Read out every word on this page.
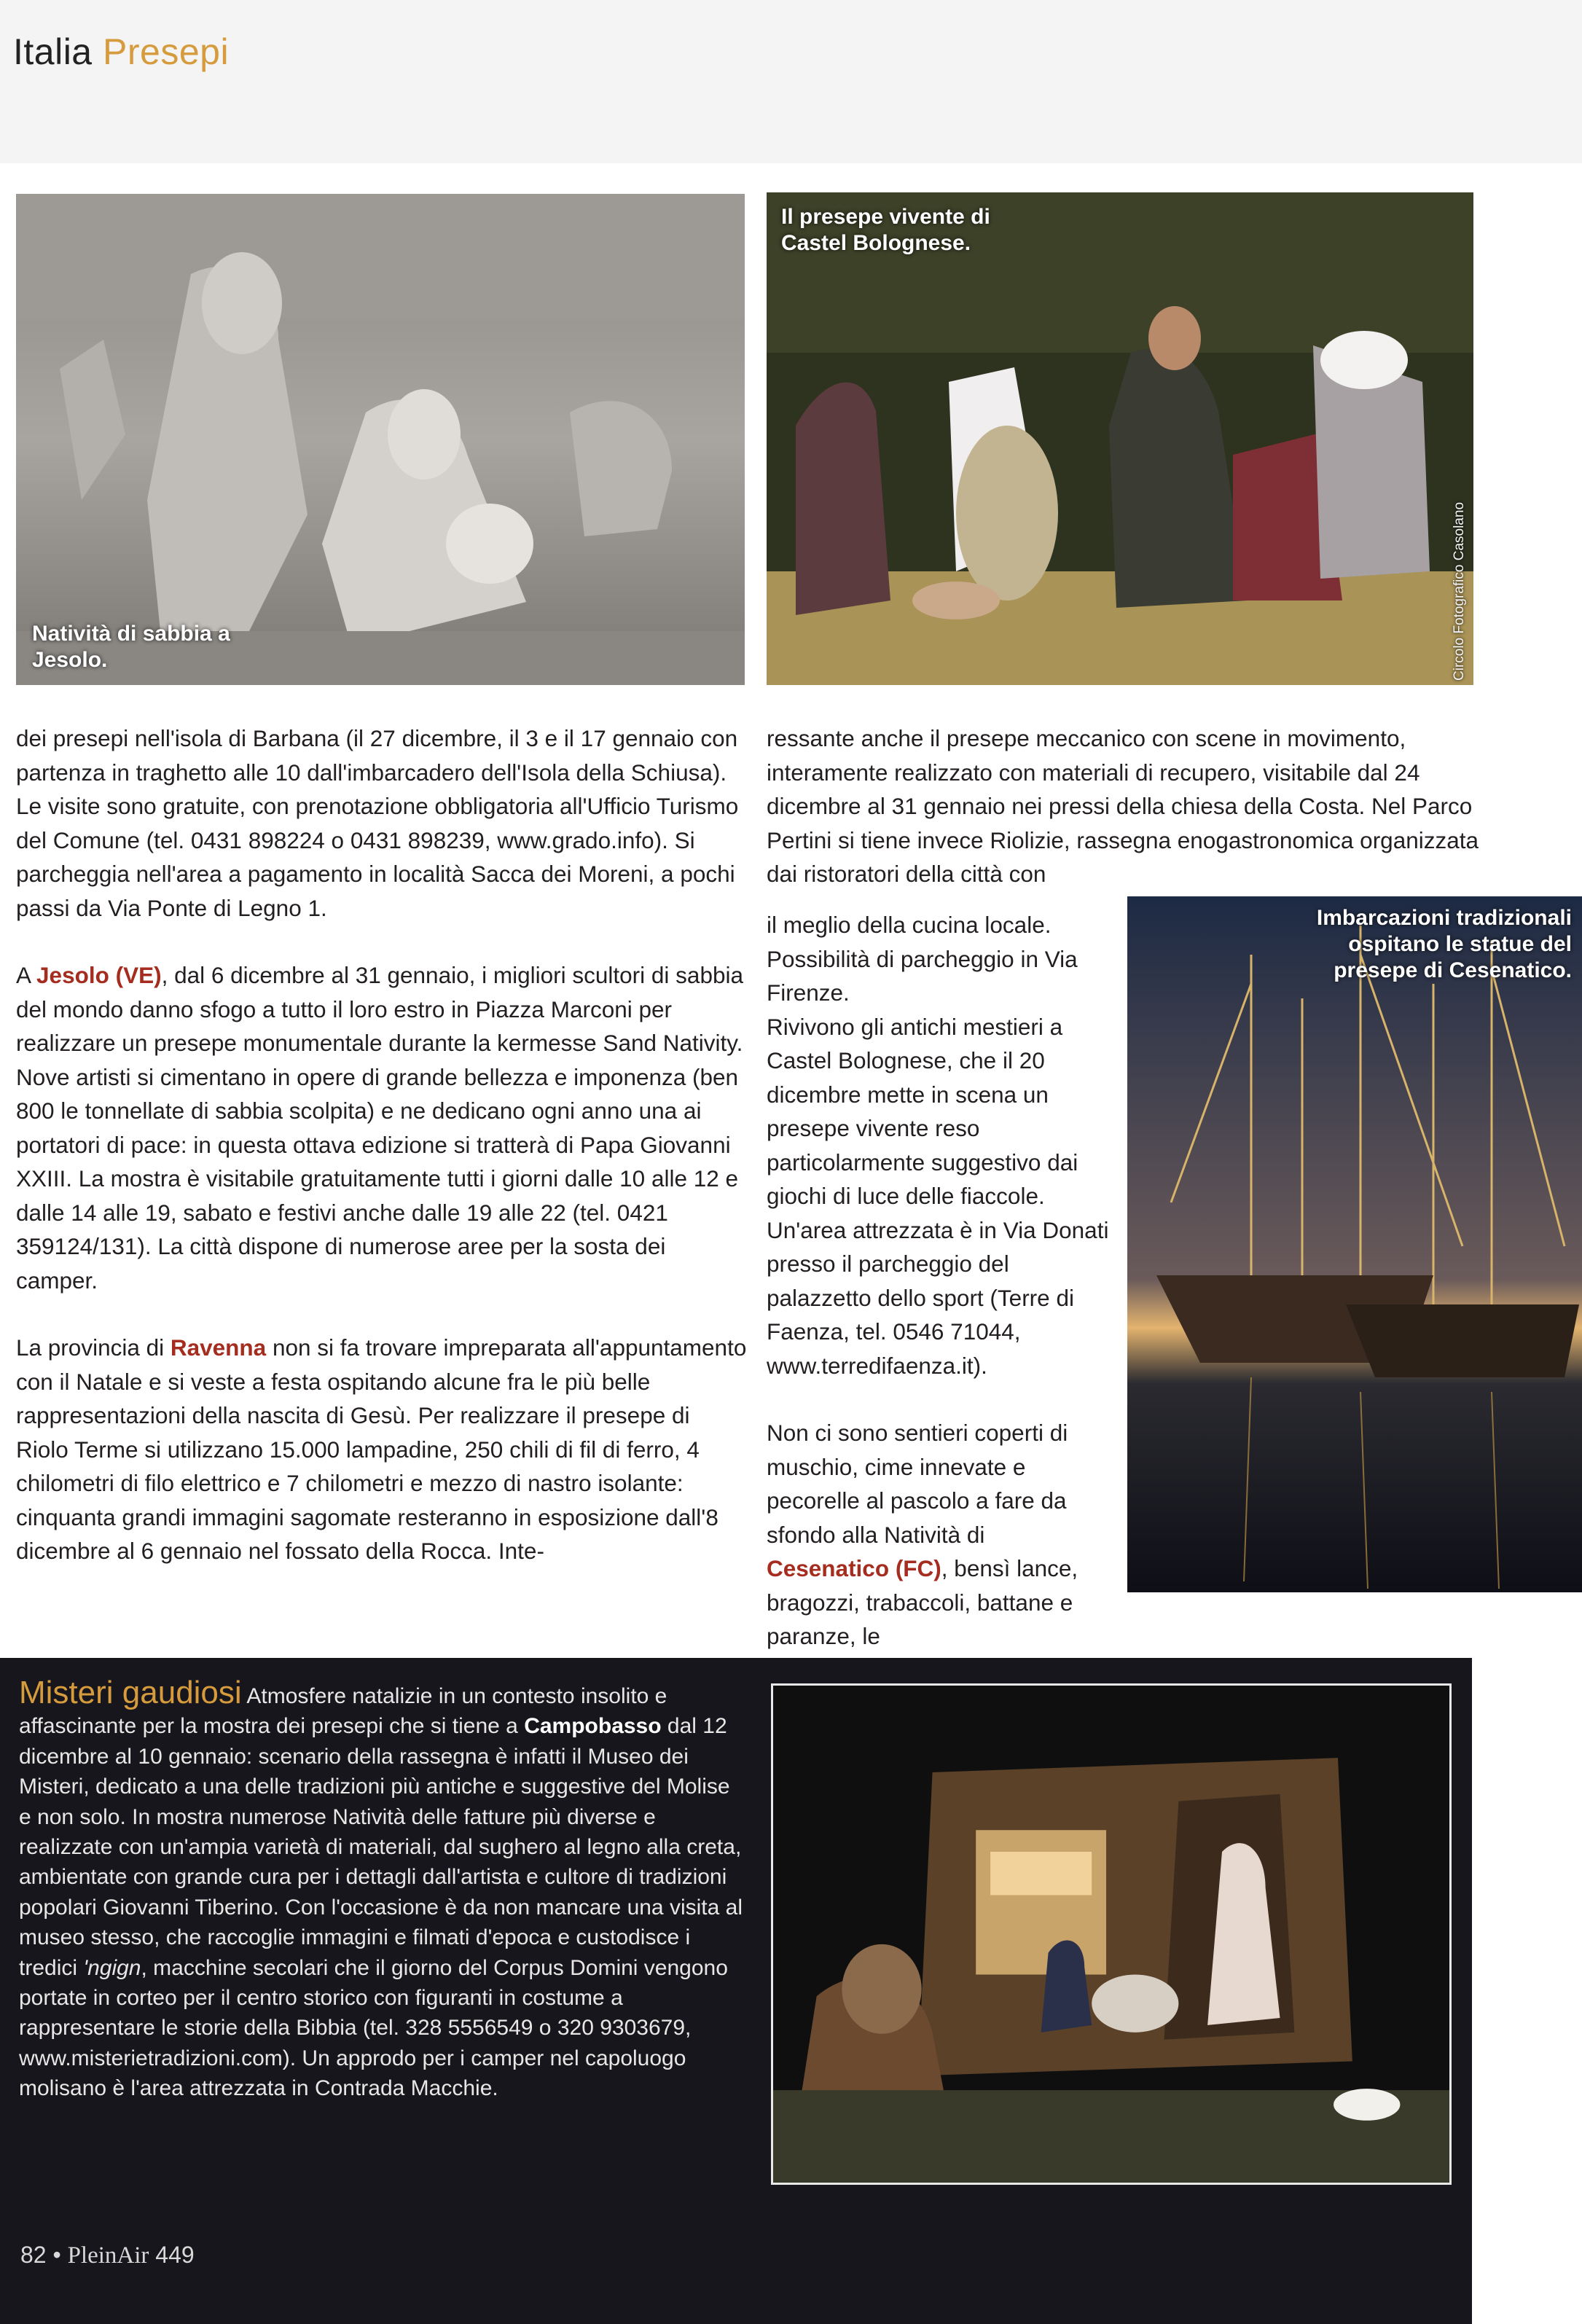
Italia Presepi
Natività di sabbia a Jesolo.
Il presepe vivente di Castel Bolognese.
Circolo Fotografico Casolano
Imbarcazioni tradizionali ospitano le statue del presepe di Cesenatico.

dei presepi nell'isola di Barbana (il 27 dicembre, il 3 e il 17 gennaio con partenza in traghetto alle 10 dall'imbarcadero dell'Isola della Schiusa). Le visite sono gratuite, con prenotazione obbligatoria all'Ufficio Turismo del Comune (tel. 0431 898224 o 0431 898239, www.grado.info). Si parcheggia nell'area a pagamento in località Sacca dei Moreni, a pochi passi da Via Ponte di Legno 1.

A Jesolo (VE), dal 6 dicembre al 31 gennaio, i migliori scultori di sabbia del mondo danno sfogo a tutto il loro estro in Piazza Marconi per realizzare un presepe monumentale durante la kermesse Sand Nativity. Nove artisti si cimentano in opere di grande bellezza e imponenza (ben 800 le tonnellate di sabbia scolpita) e ne dedicano ogni anno una ai portatori di pace: in questa ottava edizione si tratterà di Papa Giovanni XXIII. La mostra è visitabile gratuitamente tutti i giorni dalle 10 alle 12 e dalle 14 alle 19, sabato e festivi anche dalle 19 alle 22 (tel. 0421 359124/131). La città dispone di numerose aree per la sosta dei camper.

La provincia di Ravenna non si fa trovare impreparata all'appuntamento con il Natale e si veste a festa ospitando alcune fra le più belle rappresentazioni della nascita di Gesù. Per realizzare il presepe di Riolo Terme si utilizzano 15.000 lampadine, 250 chili di fil di ferro, 4 chilometri di filo elettrico e 7 chilometri e mezzo di nastro isolante: cinquanta grandi immagini sagomate resteranno in esposizione dall'8 dicembre al 6 gennaio nel fossato della Rocca. Inte-

ressante anche il presepe meccanico con scene in movimento, interamente realizzato con materiali di recupero, visitabile dal 24 dicembre al 31 gennaio nei pressi della chiesa della Costa. Nel Parco Pertini si tiene invece Riolizie, rassegna enogastronomica organizzata dai ristoratori della città con

il meglio della cucina locale. Possibilità di parcheggio in Via Firenze.

Rivivono gli antichi mestieri a Castel Bolognese, che il 20 dicembre mette in scena un presepe vivente reso particolarmente suggestivo dai giochi di luce delle fiaccole. Un'area attrezzata è in Via Donati presso il parcheggio del palazzetto dello sport (Terre di Faenza, tel. 0546 71044, www.terredifaenza.it).

Non ci sono sentieri coperti di muschio, cime innevate e pecorelle al pascolo a fare da sfondo alla Natività di Cesenatico (FC), bensì lance, bragozzi, trabaccoli, battane e paranze, le

Misteri gaudiosi Atmosfere natalizie in un contesto insolito e affascinante per la mostra dei presepi che si tiene a Campobasso dal 12 dicembre al 10 gennaio: scenario della rassegna è infatti il Museo dei Misteri, dedicato a una delle tradizioni più antiche e suggestive del Molise e non solo. In mostra numerose Natività delle fatture più diverse e realizzate con un'ampia varietà di materiali, dal sughero al legno alla creta, ambientate con grande cura per i dettagli dall'artista e cultore di tradizioni popolari Giovanni Tiberino. Con l'occasione è da non mancare una visita al museo stesso, che raccoglie immagini e filmati d'epoca e custodisce i tredici 'ngign, macchine secolari che il giorno del Corpus Domini vengono portate in corteo per il centro storico con figuranti in costume a rappresentare le storie della Bibbia (tel. 328 5556549 o 320 9303679, www.misterietradizioni.com). Un approdo per i camper nel capoluogo molisano è l'area attrezzata in Contrada Macchie.
82 • PleinAir 449
